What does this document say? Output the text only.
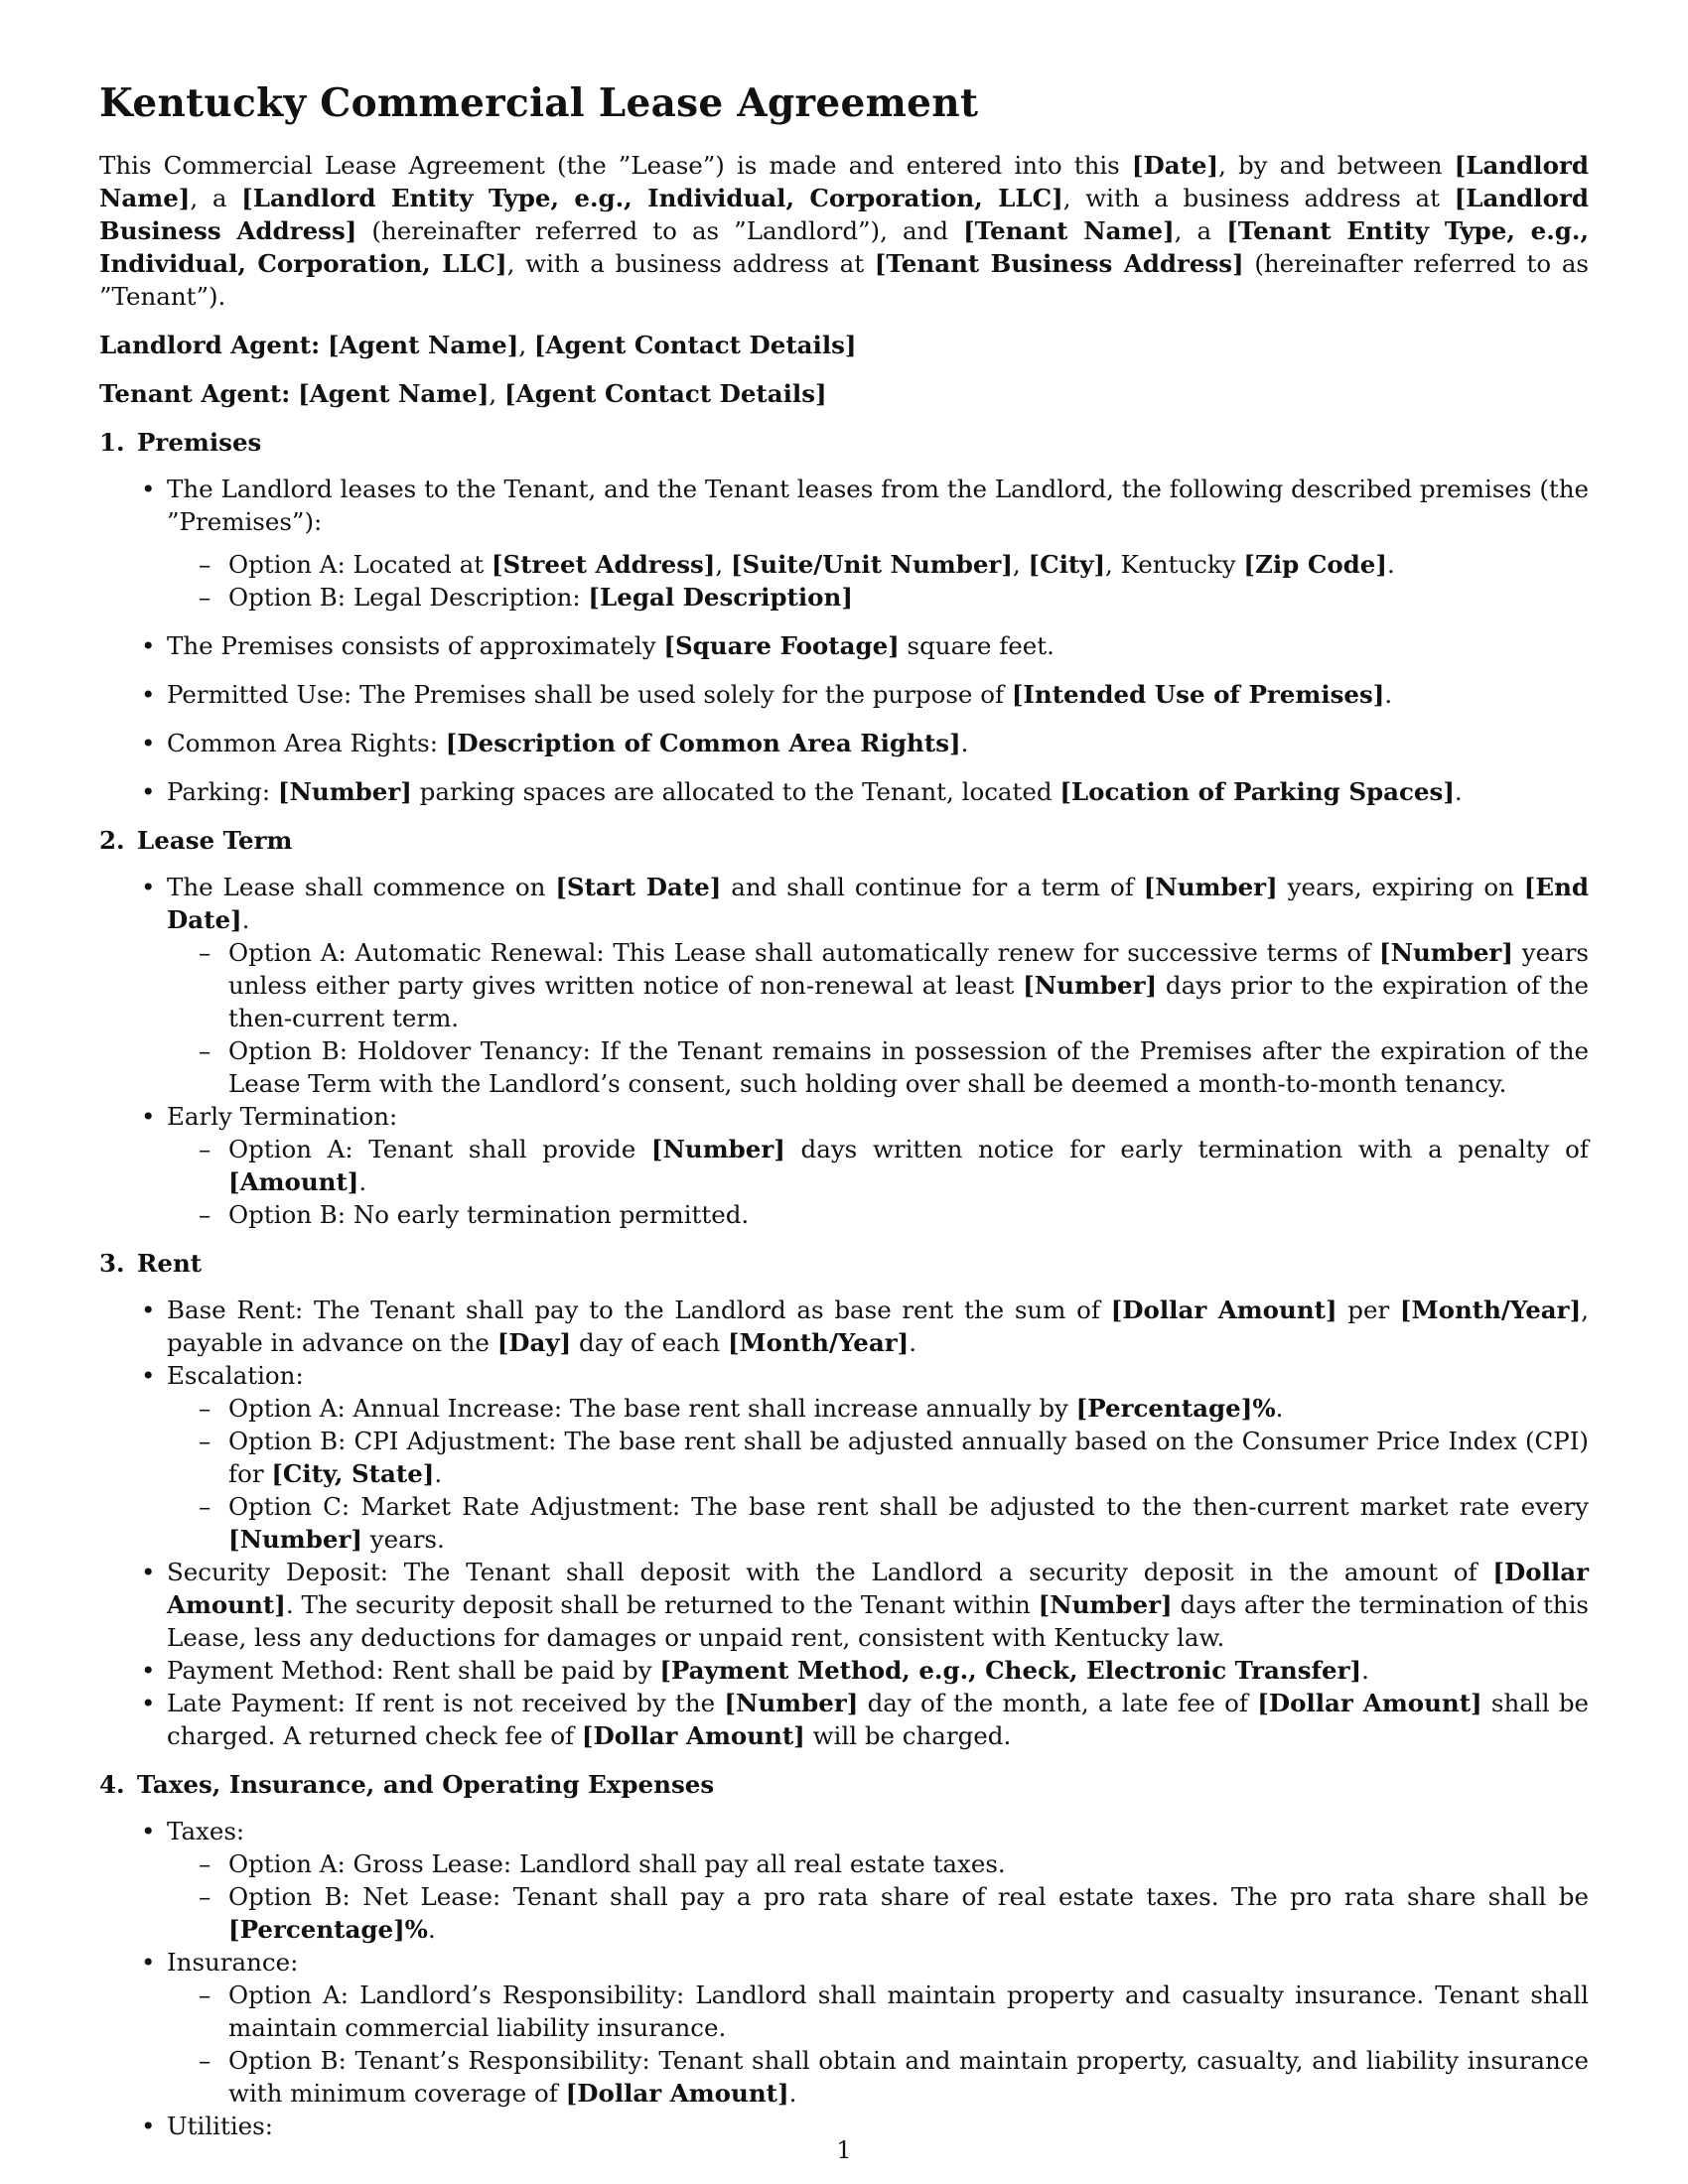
Kentucky Commercial Lease Agreement

This Commercial Lease Agreement (the ”Lease”) is made and entered into this [Date], by and between [Landlord Name], a [Landlord Entity Type, e.g., Individual, Corporation, LLC], with a business address at [Landlord Business Address] (hereinafter referred to as ”Landlord”), and [Tenant Name], a [Tenant Entity Type, e.g., Individual, Corporation, LLC], with a business address at [Tenant Business Address] (hereinafter referred to as ”Tenant”).

Landlord Agent: [Agent Name], [Agent Contact Details]

Tenant Agent: [Agent Name], [Agent Contact Details]

1. Premises
• The Landlord leases to the Tenant, and the Tenant leases from the Landlord, the following described premises (the ”Premises”):
– Option A: Located at [Street Address], [Suite/Unit Number], [City], Kentucky [Zip Code].
– Option B: Legal Description: [Legal Description]
• The Premises consists of approximately [Square Footage] square feet.
• Permitted Use: The Premises shall be used solely for the purpose of [Intended Use of Premises].
• Common Area Rights: [Description of Common Area Rights].
• Parking: [Number] parking spaces are allocated to the Tenant, located [Location of Parking Spaces].
2. Lease Term
• The Lease shall commence on [Start Date] and shall continue for a term of [Number] years, expiring on [End Date].
– Option A: Automatic Renewal: This Lease shall automatically renew for successive terms of [Number] years unless either party gives written notice of non-renewal at least [Number] days prior to the expiration of the then-current term.
– Option B: Holdover Tenancy: If the Tenant remains in possession of the Premises after the expiration of the Lease Term with the Landlord’s consent, such holding over shall be deemed a month-to-month tenancy.
• Early Termination:
– Option A: Tenant shall provide [Number] days written notice for early termination with a penalty of [Amount].
– Option B: No early termination permitted.
3. Rent
• Base Rent: The Tenant shall pay to the Landlord as base rent the sum of [Dollar Amount] per [Month/Year], payable in advance on the [Day] day of each [Month/Year].
• Escalation:
– Option A: Annual Increase: The base rent shall increase annually by [Percentage]%.
– Option B: CPI Adjustment: The base rent shall be adjusted annually based on the Consumer Price Index (CPI) for [City, State].
– Option C: Market Rate Adjustment: The base rent shall be adjusted to the then-current market rate every [Number] years.
• Security Deposit: The Tenant shall deposit with the Landlord a security deposit in the amount of [Dollar Amount]. The security deposit shall be returned to the Tenant within [Number] days after the termination of this Lease, less any deductions for damages or unpaid rent, consistent with Kentucky law.
• Payment Method: Rent shall be paid by [Payment Method, e.g., Check, Electronic Transfer].
• Late Payment: If rent is not received by the [Number] day of the month, a late fee of [Dollar Amount] shall be charged. A returned check fee of [Dollar Amount] will be charged.
4. Taxes, Insurance, and Operating Expenses
• Taxes:
– Option A: Gross Lease: Landlord shall pay all real estate taxes.
– Option B: Net Lease: Tenant shall pay a pro rata share of real estate taxes. The pro rata share shall be [Percentage]%.
• Insurance:
– Option A: Landlord’s Responsibility: Landlord shall maintain property and casualty insurance. Tenant shall maintain commercial liability insurance.
– Option B: Tenant’s Responsibility: Tenant shall obtain and maintain property, casualty, and liability insurance with minimum coverage of [Dollar Amount].
• Utilities:
1
